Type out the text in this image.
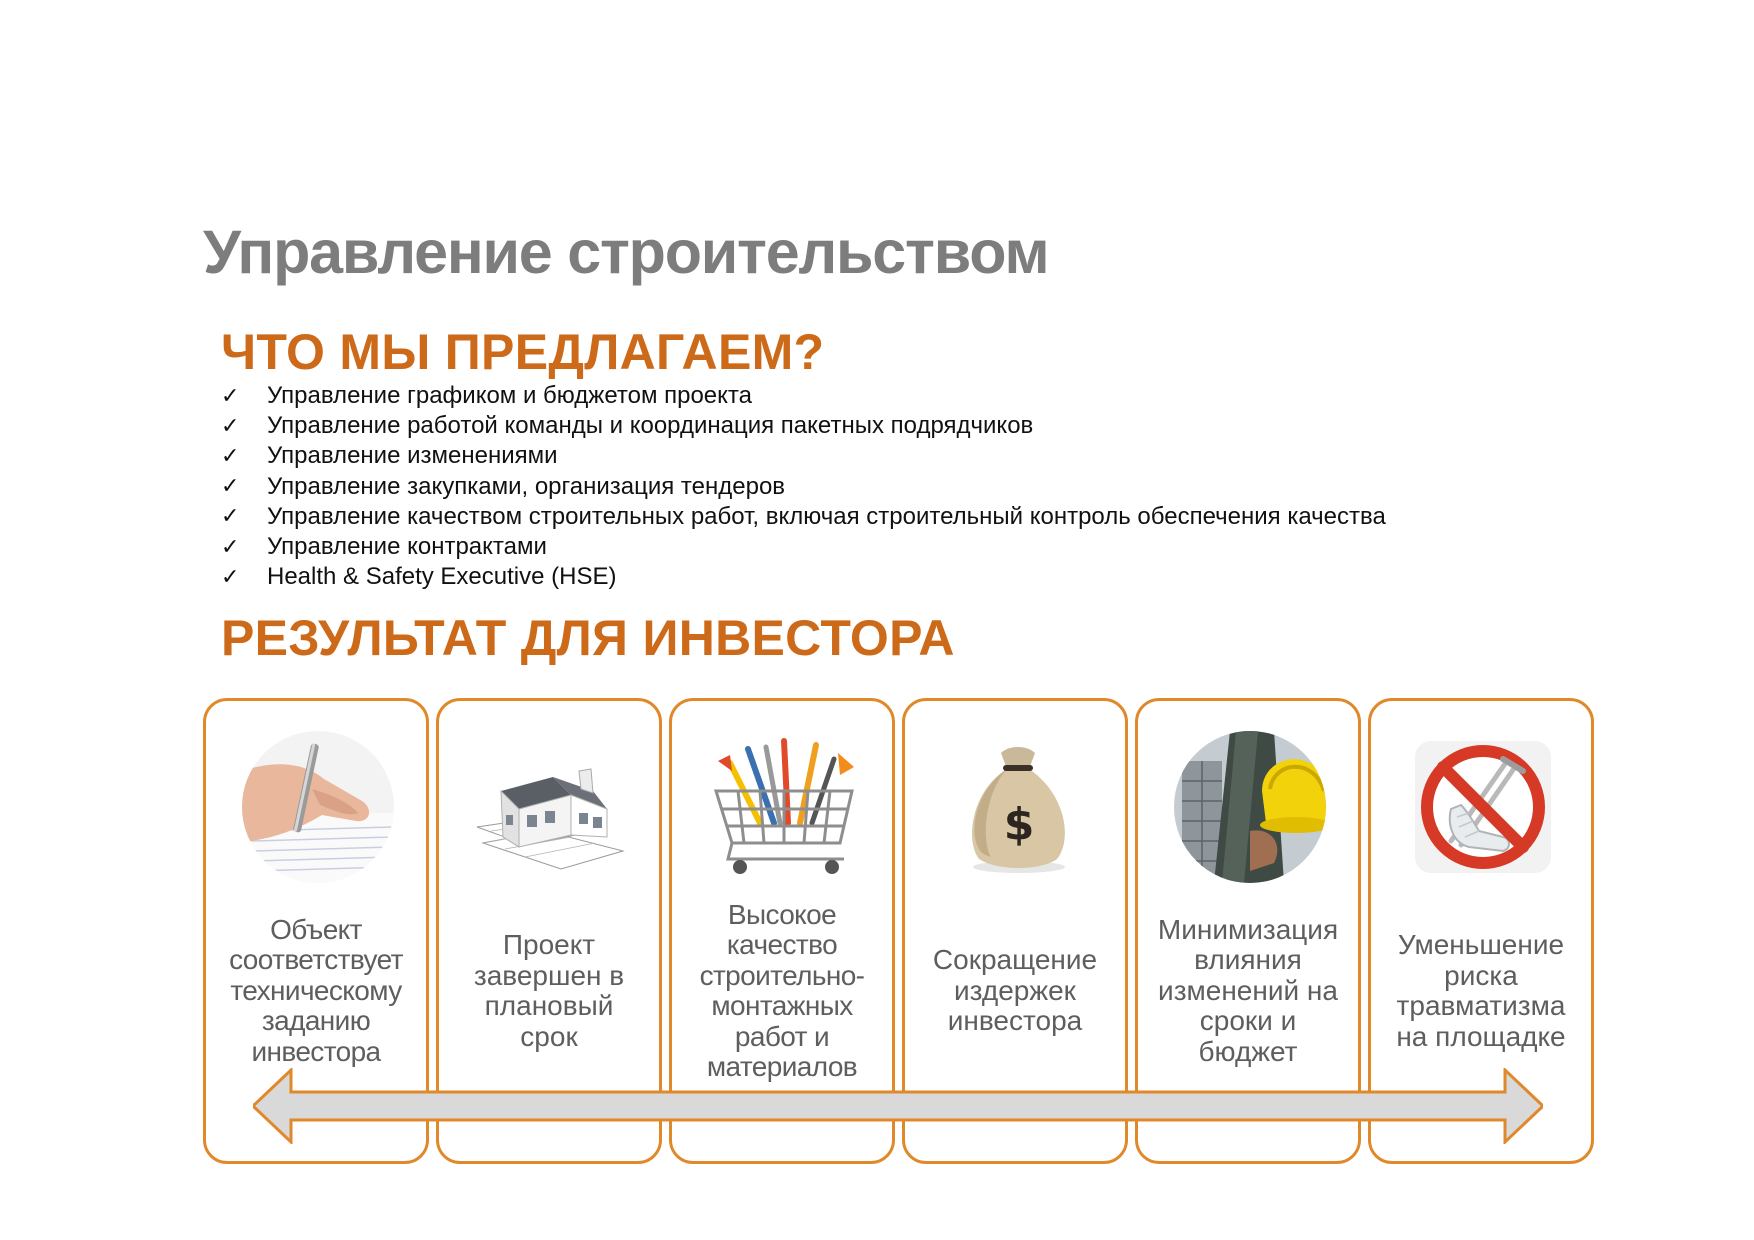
Управление строительством
ЧТО МЫ ПРЕДЛАГАЕМ?
✓	Управление графиком и бюджетом проекта
✓	Управление работой команды и координация пакетных подрядчиков
✓	Управление изменениями
✓	Управление закупками, организация тендеров
✓	Управление качеством строительных работ, включая строительный контроль обеспечения качества
✓	Управление контрактами
✓	Health & Safety Executive (HSE)
РЕЗУЛЬТАТ ДЛЯ ИНВЕСТОРА
Объект
соответствует
техническому
заданию
инвестора
Проект
завершен в
плановый
срок
Высокое
качество
строительно-
монтажных
работ и
материалов
$
Сокращение
издержек
инвестора
Минимизация
влияния
изменений на
сроки и
бюджет
Уменьшение
риска
травматизма
на площадке
